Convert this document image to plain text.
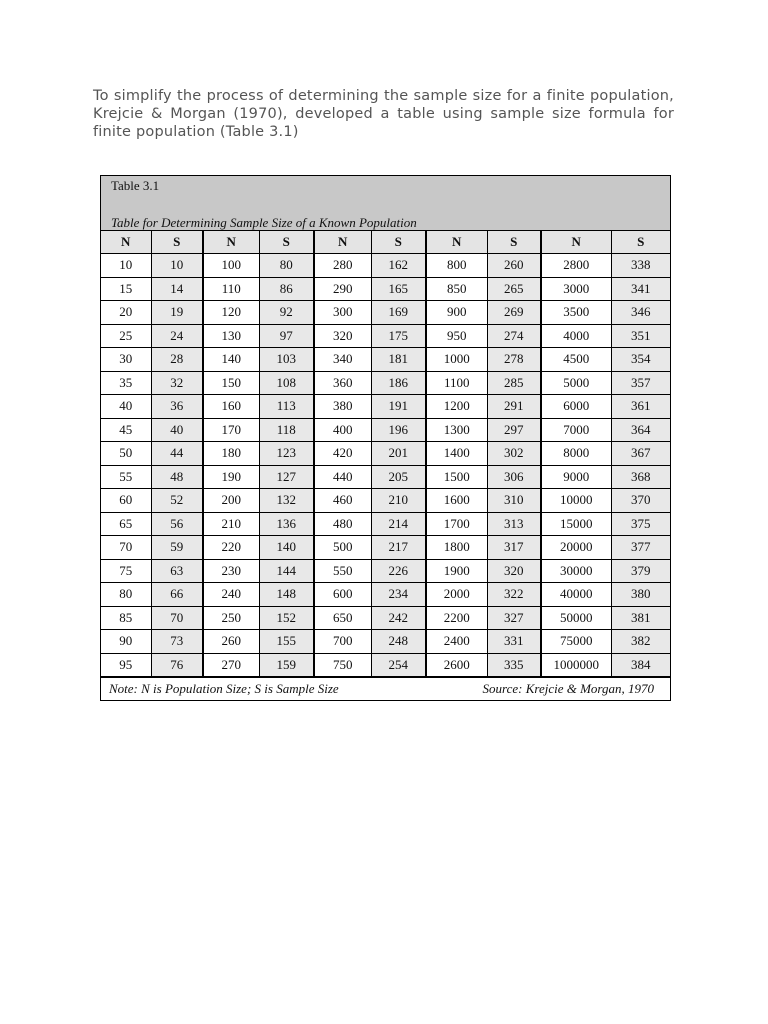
To simplify the process of determining the sample size for a finite population, Krejcie & Morgan (1970), developed a table using sample size formula for finite population (Table 3.1)

Table 3.1
Table for Determining Sample Size of a Known Population
N	S	N	S	N	S	N	S	N	S
10	10	100	80	280	162	800	260	2800	338
15	14	110	86	290	165	850	265	3000	341
20	19	120	92	300	169	900	269	3500	346
25	24	130	97	320	175	950	274	4000	351
30	28	140	103	340	181	1000	278	4500	354
35	32	150	108	360	186	1100	285	5000	357
40	36	160	113	380	191	1200	291	6000	361
45	40	170	118	400	196	1300	297	7000	364
50	44	180	123	420	201	1400	302	8000	367
55	48	190	127	440	205	1500	306	9000	368
60	52	200	132	460	210	1600	310	10000	370
65	56	210	136	480	214	1700	313	15000	375
70	59	220	140	500	217	1800	317	20000	377
75	63	230	144	550	226	1900	320	30000	379
80	66	240	148	600	234	2000	322	40000	380
85	70	250	152	650	242	2200	327	50000	381
90	73	260	155	700	248	2400	331	75000	382
95	76	270	159	750	254	2600	335	1000000	384
Note: N is Population Size; S is Sample Size	Source: Krejcie & Morgan, 1970
